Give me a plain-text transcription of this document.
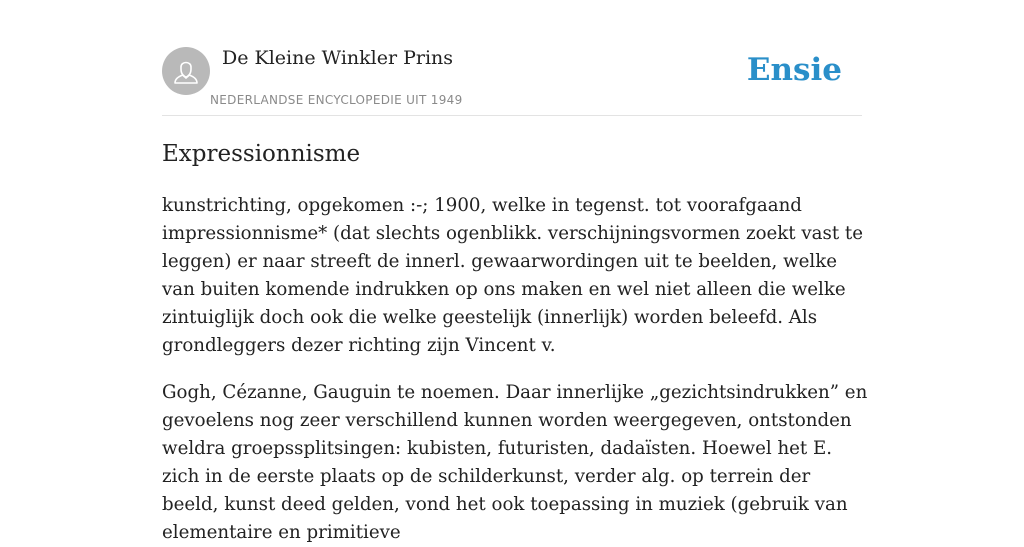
De Kleine Winkler Prins
NEDERLANDSE ENCYCLOPEDIE UIT 1949
Ensie
Expressionnisme

kunstrichting, opgekomen :-; 1900, welke in tegenst. tot voorafgaand impressionnisme* (dat slechts ogenblikk. verschijningsvormen zoekt vast te leggen) er naar streeft de innerl. gewaarwordingen uit te beelden, welke van buiten komende indrukken op ons maken en wel niet alleen die welke zintuiglijk doch ook die welke geestelijk (innerlijk) worden beleefd. Als grondleggers dezer richting zijn Vincent v.

Gogh, Cézanne, Gauguin te noemen. Daar innerlijke „gezichtsindrukken” en gevoelens nog zeer verschillend kunnen worden weergegeven, ontstonden weldra groepssplitsingen: kubisten, futuristen, dadaïsten. Hoewel het E. zich in de eerste plaats op de schilderkunst, verder alg. op terrein der beeld, kunst deed gelden, vond het ook toepassing in muziek (gebruik van elementaire en primitieve
